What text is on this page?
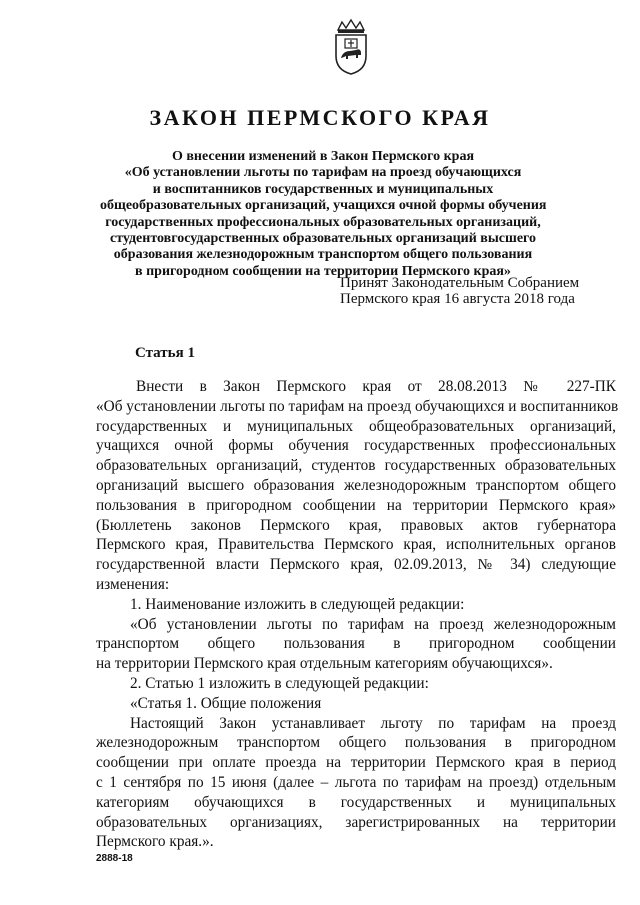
ЗАКОН ПЕРМСКОГО КРАЯ
О внесении изменений в Закон Пермского края
«Об установлении льготы по тарифам на проезд обучающихся
и воспитанников государственных и муниципальных
общеобразовательных организаций, учащихся очной формы обучения
государственных профессиональных образовательных организаций,
студентовгосударственных образовательных организаций высшего
образования железнодорожным транспортом общего пользования
в пригородном сообщении на территории Пермского края»
Принят Законодательным Собранием
Пермского края 16 августа 2018 года
Статья 1
Внести в Закон Пермского края от 28.08.2013 № 227-ПК
«Об установлении льготы по тарифам на проезд обучающихся и воспитанников
государственных и муниципальных общеобразовательных организаций,
учащихся очной формы обучения государственных профессиональных
образовательных организаций, студентов государственных образовательных
организаций высшего образования железнодорожным транспортом общего
пользования в пригородном сообщении на территории Пермского края»
(Бюллетень законов Пермского края, правовых актов губернатора
Пермского края, Правительства Пермского края, исполнительных органов
государственной власти Пермского края, 02.09.2013, № 34) следующие
изменения:
1. Наименование изложить в следующей редакции:
«Об установлении льготы по тарифам на проезд железнодорожным
транспортом общего пользования в пригородном сообщении
на территории Пермского края отдельным категориям обучающихся».
2. Статью 1 изложить в следующей редакции:
«Статья 1. Общие положения
Настоящий Закон устанавливает льготу по тарифам на проезд
железнодорожным транспортом общего пользования в пригородном
сообщении при оплате проезда на территории Пермского края в период
с 1 сентября по 15 июня (далее – льгота по тарифам на проезд) отдельным
категориям обучающихся в государственных и муниципальных
образовательных организациях, зарегистрированных на территории
Пермского края.».
2888-18
